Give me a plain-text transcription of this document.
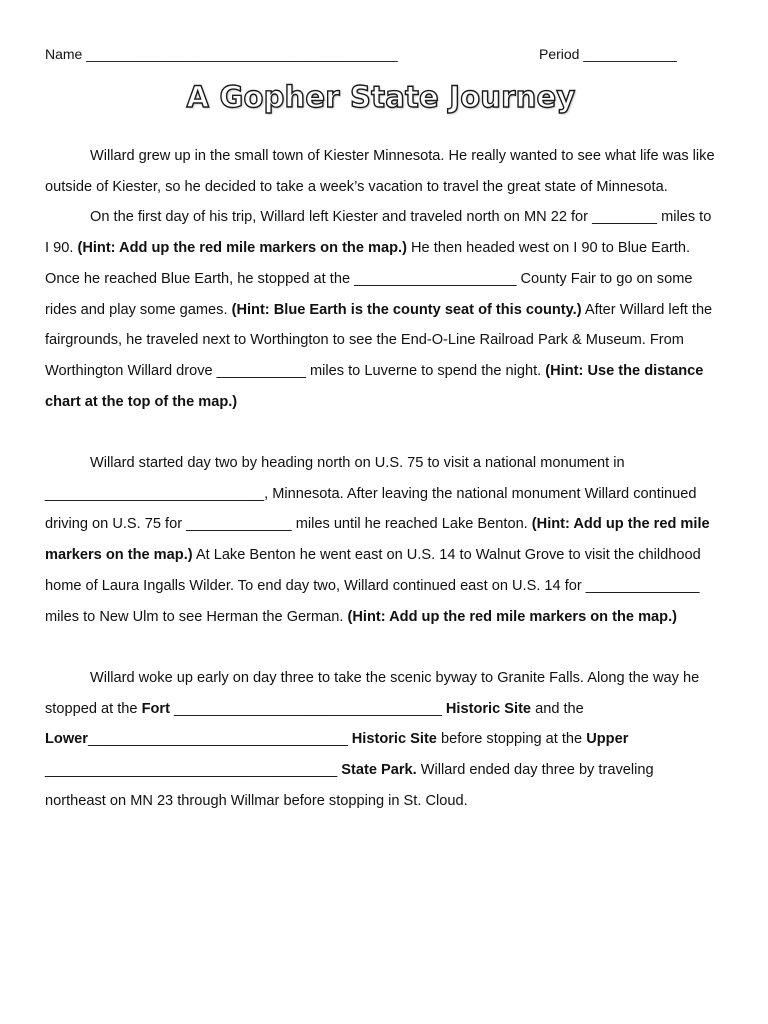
Name ________________________________________	Period ____________
A Gopher State Journey

Willard grew up in the small town of Kiester Minnesota. He really wanted to see what life was like outside of Kiester, so he decided to take a week’s vacation to travel the great state of Minnesota.

On the first day of his trip, Willard left Kiester and traveled north on MN 22 for ________ miles to I 90. (Hint: Add up the red mile markers on the map.) He then headed west on I 90 to Blue Earth. Once he reached Blue Earth, he stopped at the ____________________ County Fair to go on some rides and play some games. (Hint: Blue Earth is the county seat of this county.) After Willard left the fairgrounds, he traveled next to Worthington to see the End-O-Line Railroad Park & Museum. From Worthington Willard drove ___________ miles to Luverne to spend the night. (Hint: Use the distance chart at the top of the map.)

Willard started day two by heading north on U.S. 75 to visit a national monument in ___________________________, Minnesota. After leaving the national monument Willard continued driving on U.S. 75 for _____________ miles until he reached Lake Benton. (Hint: Add up the red mile markers on the map.) At Lake Benton he went east on U.S. 14 to Walnut Grove to visit the childhood home of Laura Ingalls Wilder. To end day two, Willard continued east on U.S. 14 for ______________ miles to New Ulm to see Herman the German. (Hint: Add up the red mile markers on the map.)

Willard woke up early on day three to take the scenic byway to Granite Falls. Along the way he stopped at the Fort _________________________________ Historic Site and the Lower________________________________ Historic Site before stopping at the Upper ____________________________________ State Park. Willard ended day three by traveling northeast on MN 23 through Willmar before stopping in St. Cloud.
